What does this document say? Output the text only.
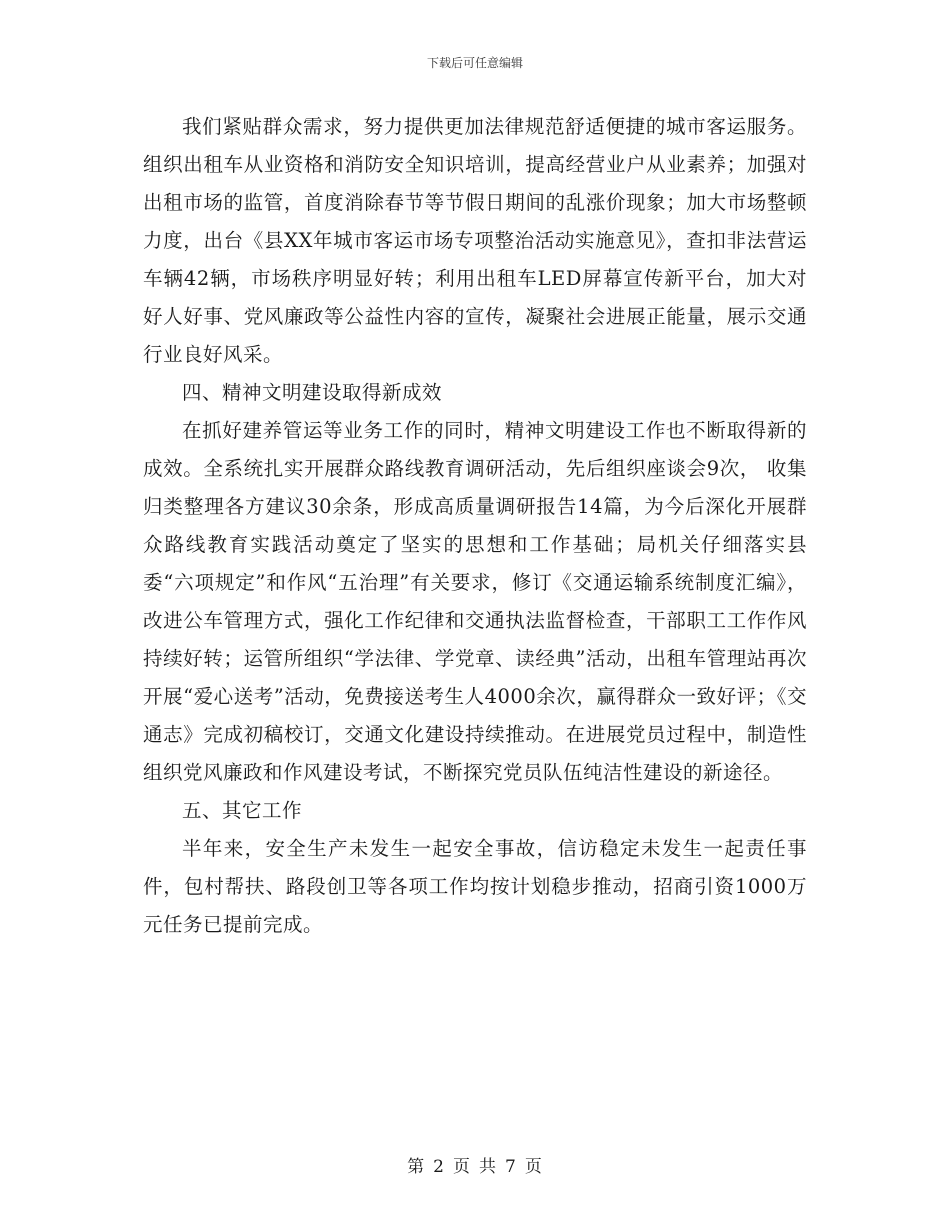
下载后可任意编辑

我们紧贴群众需求，努力提供更加法律规范舒适便捷的城市客运服务。组织出租车从业资格和消防安全知识培训，提高经营业户从业素养；加强对出租市场的监管，首度消除春节等节假日期间的乱涨价现象；加大市场整顿力度，出台《县XX年城市客运市场专项整治活动实施意见》，查扣非法营运车辆42辆，市场秩序明显好转；利用出租车LED屏幕宣传新平台，加大对好人好事、党风廉政等公益性内容的宣传，凝聚社会进展正能量，展示交通行业良好风采。

四、精神文明建设取得新成效

在抓好建养管运等业务工作的同时，精神文明建设工作也不断取得新的成效。全系统扎实开展群众路线教育调研活动，先后组织座谈会9次， 收集归类整理各方建议30余条，形成高质量调研报告14篇，为今后深化开展群众路线教育实践活动奠定了坚实的思想和工作基础；局机关仔细落实县委“六项规定”和作风“五治理”有关要求，修订《交通运输系统制度汇编》，改进公车管理方式，强化工作纪律和交通执法监督检查，干部职工工作作风持续好转；运管所组织“学法律、学党章、读经典”活动，出租车管理站再次开展“爱心送考”活动，免费接送考生人4000余次，赢得群众一致好评；《交通志》完成初稿校订，交通文化建设持续推动。在进展党员过程中，制造性组织党风廉政和作风建设考试，不断探究党员队伍纯洁性建设的新途径。

五、其它工作

半年来，安全生产未发生一起安全事故，信访稳定未发生一起责任事件，包村帮扶、路段创卫等各项工作均按计划稳步推动，招商引资1000万元任务已提前完成。

第 2 页 共 7 页
